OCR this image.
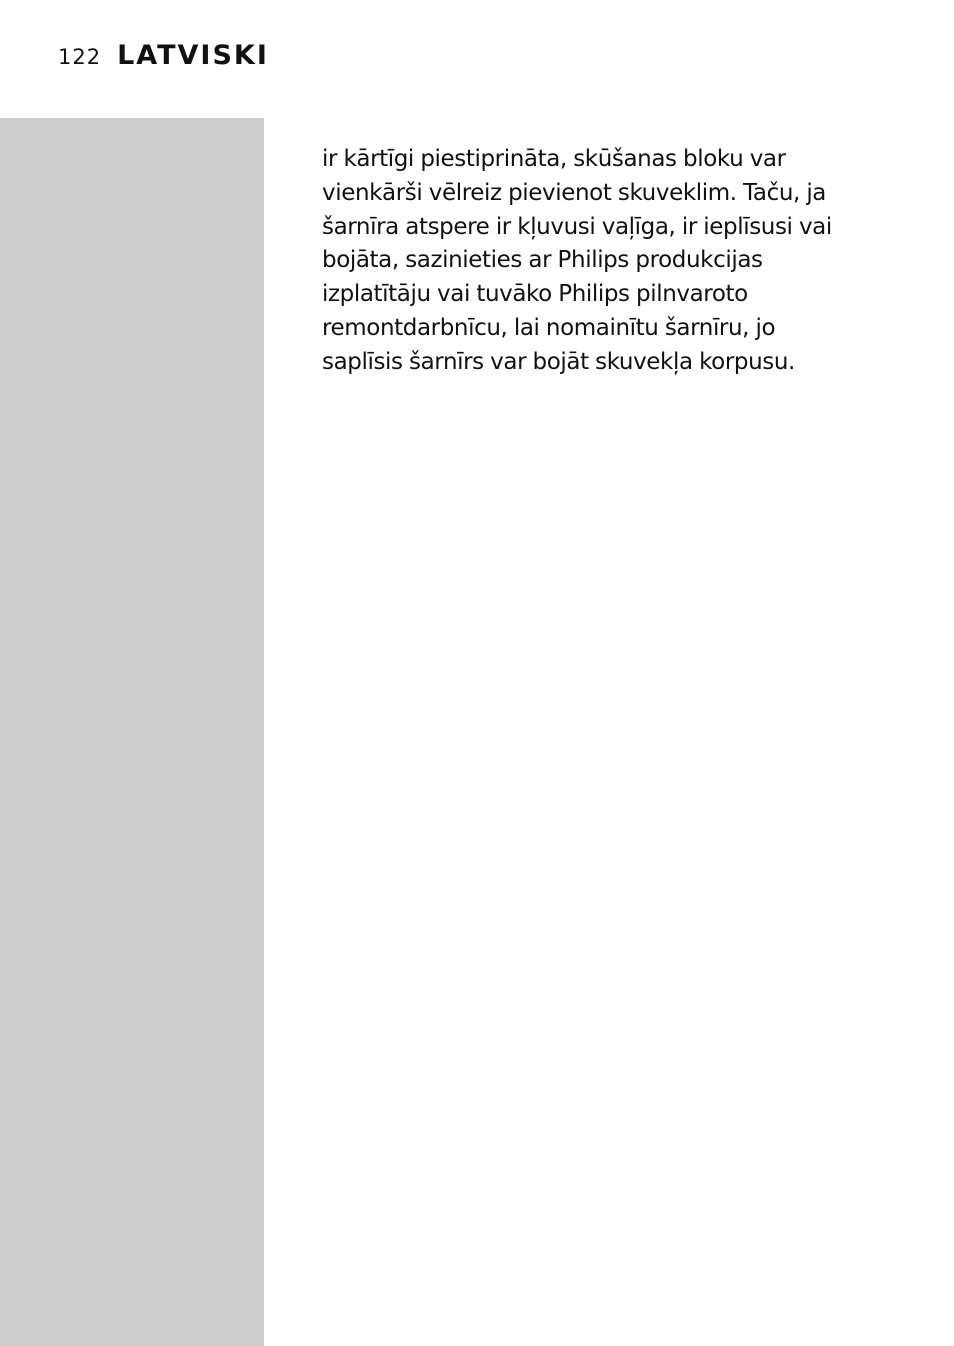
122 LATVISKI
ir kārtīgi piestiprināta, skūšanas bloku var
vienkārši vēlreiz pievienot skuveklim. Taču, ja
šarnīra atspere ir kļuvusi vaļīga, ir ieplīsusi vai
bojāta, sazinieties ar Philips produkcijas
izplatītāju vai tuvāko Philips pilnvaroto
remontdarbnīcu, lai nomainītu šarnīru, jo
saplīsis šarnīrs var bojāt skuvekļa korpusu.
